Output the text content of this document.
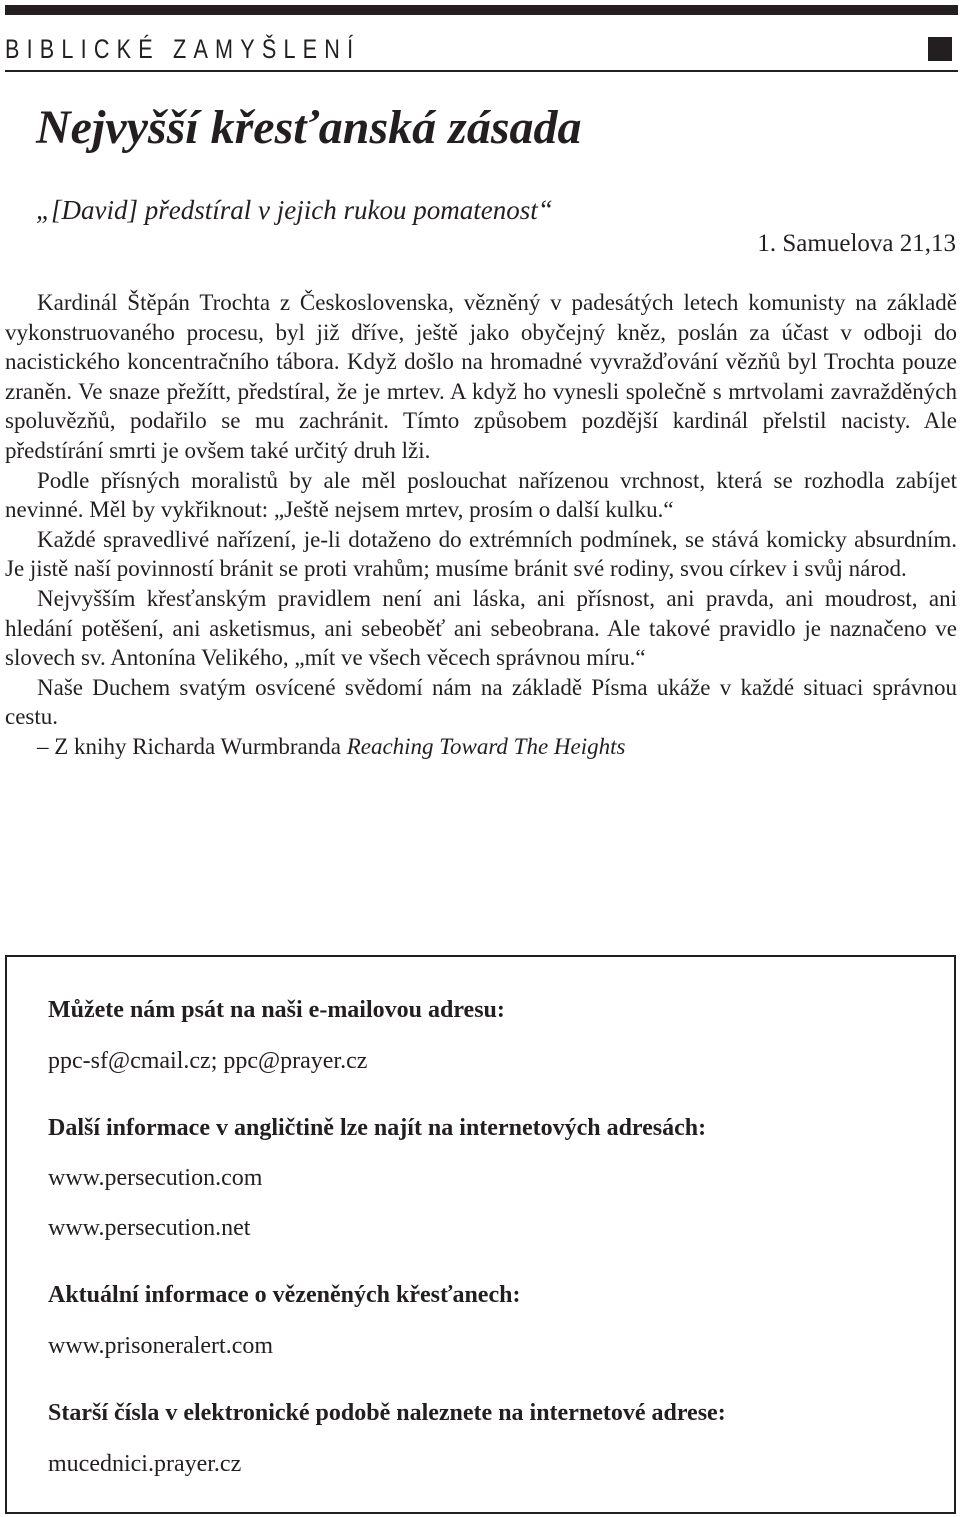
BIBLICKÉ ZAMYŠLENÍ
Nejvyšší křesťanská zásada
„[David] předstíral v jejich rukou pomatenost“
1. Samuelova 21,13

Kardinál Štěpán Trochta z Československa, vězněný v padesátých letech komunisty na základě vykonstruovaného procesu, byl již dříve, ještě jako obyčejný kněz, poslán za účast v odboji do nacistického koncentračního tábora. Když došlo na hromadné vyvražďování vězňů byl Trochta pouze zraněn. Ve snaze přežítt, předstíral, že je mrtev. A když ho vynesli společně s mrtvolami zavražděných spoluvězňů, podařilo se mu zachránit. Tímto způsobem pozdější kardinál přelstil nacisty. Ale předstírání smrti je ovšem také určitý druh lži.

Podle přísných moralistů by ale měl poslouchat nařízenou vrchnost, která se rozhodla zabíjet nevinné. Měl by vykřiknout: „Ještě nejsem mrtev, prosím o další kulku.“

Každé spravedlivé nařízení, je-li dotaženo do extrémních podmínek, se stává komicky absurdním. Je jistě naší povinností bránit se proti vrahům; musíme bránit své rodiny, svou církev i svůj národ.

Nejvyšším křesťanským pravidlem není ani láska, ani přísnost, ani pravda, ani moudrost, ani hledání potěšení, ani asketismus, ani sebeoběť ani sebeobrana. Ale takové pravidlo je naznačeno ve slovech sv. Antonína Velikého, „mít ve všech věcech správnou míru.“

Naše Duchem svatým osvícené svědomí nám na základě Písma ukáže v každé situaci správnou cestu.

– Z knihy Richarda Wurmbranda Reaching Toward The Heights

Můžete nám psát na naši e-mailovou adresu:
ppc-sf@cmail.cz; ppc@prayer.cz
Další informace v angličtině lze najít na internetových adresách:
www.persecution.com
www.persecution.net
Aktuální informace o vězeněných křesťanech:
www.prisoneralert.com
Starší čísla v elektronické podobě naleznete na internetové adrese:
mucednici.prayer.cz
